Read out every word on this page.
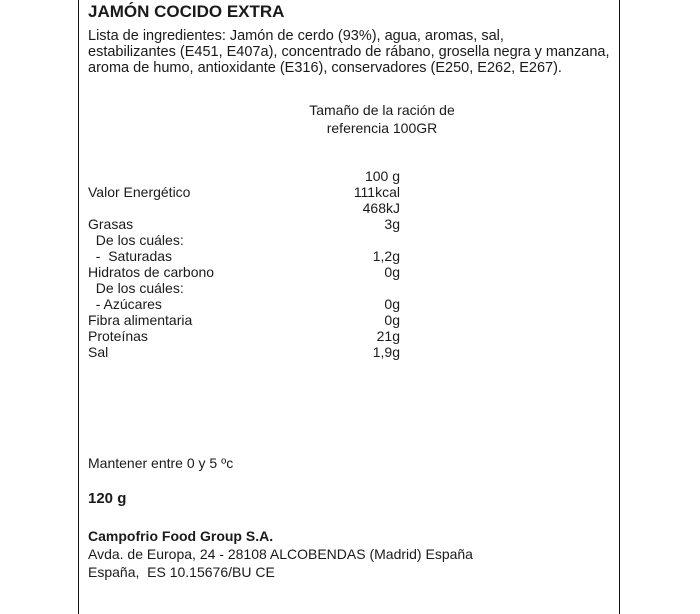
JAMÓN COCIDO EXTRA
Lista de ingredientes: Jamón de cerdo (93%), agua, aromas, sal,
estabilizantes (E451, E407a), concentrado de rábano, grosella negra y manzana,
aroma de humo, antioxidante (E316), conservadores (E250, E262, E267).
Tamaño de la ración de
referencia 100GR
100 g
Valor Energético	111kcal
468kJ
Grasas	3g
De los cuáles:
-  Saturadas	1,2g
Hidratos de carbono	0g
De los cuáles:
- Azúcares	0g
Fibra alimentaria	0g
Proteínas	21g
Sal	1,9g
Mantener entre 0 y 5 ºc
120 g
Campofrio Food Group S.A.
Avda. de Europa, 24 - 28108 ALCOBENDAS (Madrid) España
España,  ES 10.15676/BU CE
